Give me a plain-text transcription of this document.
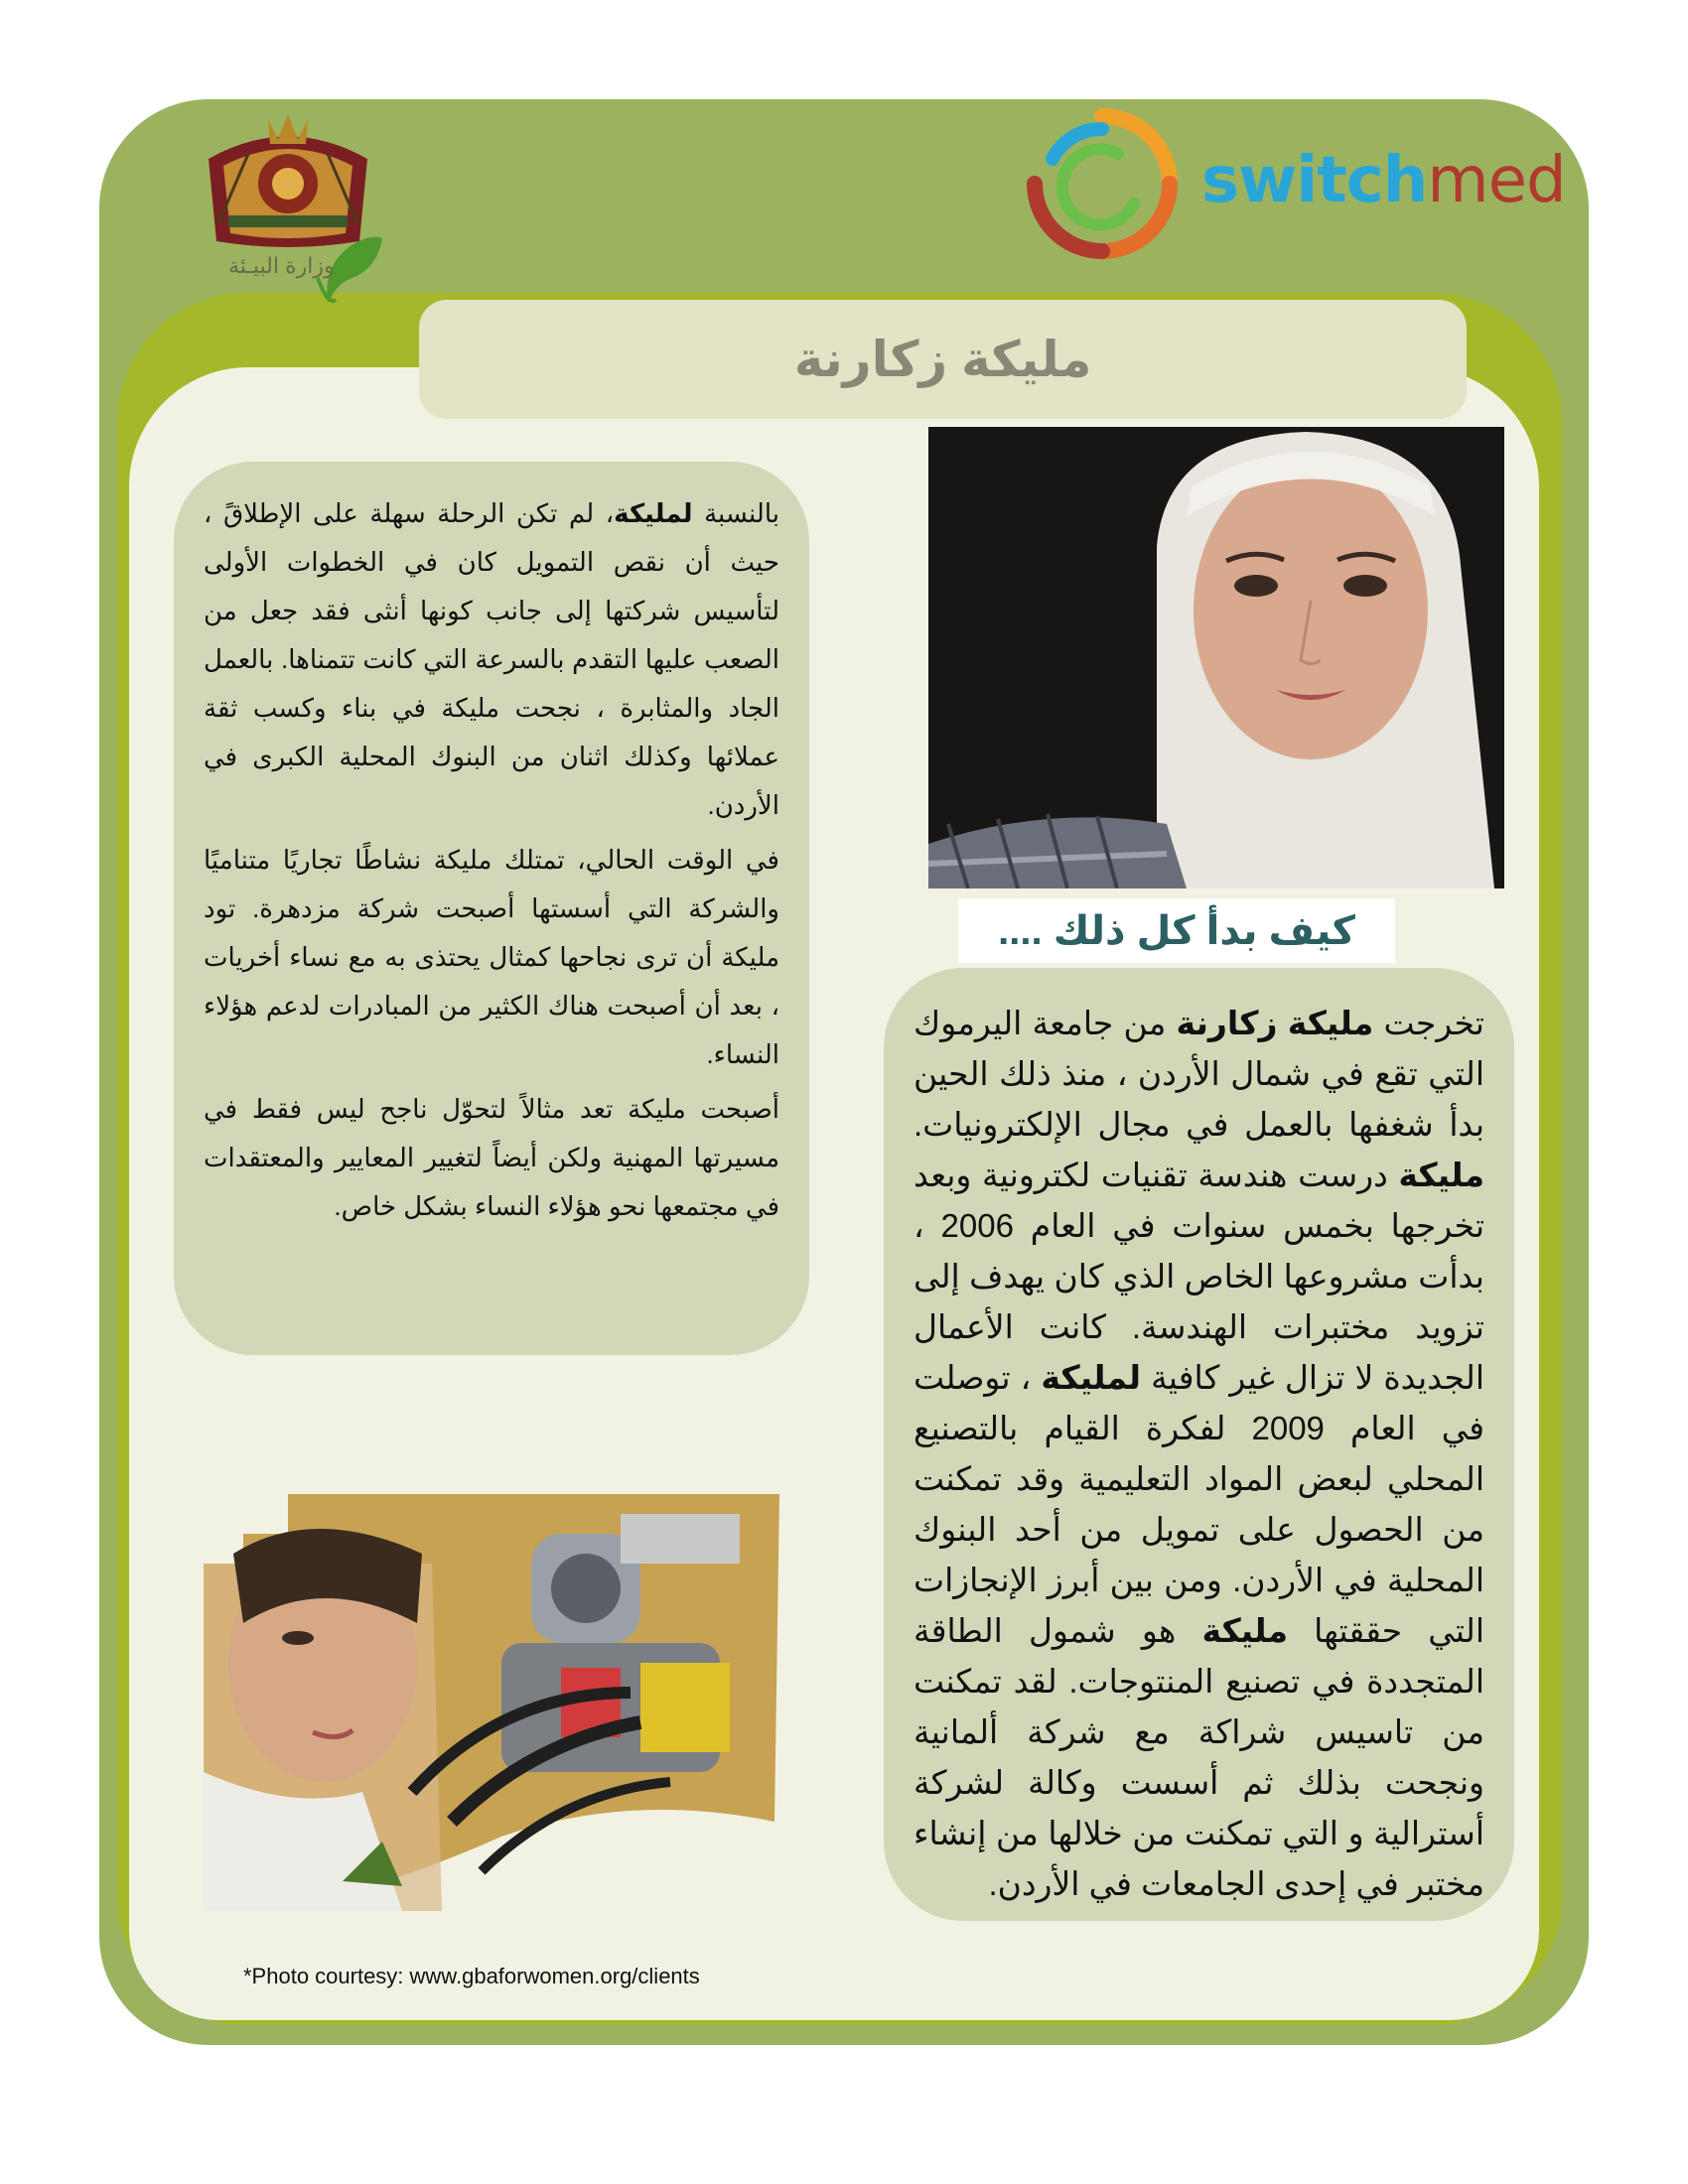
وزارة البيـئة
switchmed
مليكة زكارنة
كيف بدأ كل ذلك ....

تخرجت مليكة زكارنة من جامعة اليرموك التي تقع في شمال الأردن ، منذ ذلك الحين بدأ شغفها بالعمل في مجال الإلكترونيات. مليكة درست هندسة تقنيات لكترونية وبعد تخرجها بخمس سنوات في العام 2006 ، بدأت مشروعها الخاص الذي كان يهدف إلى تزويد مختبرات الهندسة. كانت الأعمال الجديدة لا تزال غير كافية لمليكة ، توصلت في العام 2009 لفكرة القيام بالتصنيع المحلي لبعض المواد التعليمية وقد تمكنت من الحصول على تمويل من أحد البنوك المحلية في الأردن. ومن بين أبرز الإنجازات التي حققتها مليكة هو شمول الطاقة المتجددة في تصنيع المنتوجات. لقد تمكنت من تاسيس شراكة مع شركة ألمانية ونجحت بذلك ثم أسست وكالة لشركة أسترالية و التي تمكنت من خلالها من إنشاء مختبر في إحدى الجامعات في الأردن.

بالنسبة لمليكة، لم تكن الرحلة سهلة على الإطلاقً ، حيث أن نقص التمويل كان في الخطوات الأولى لتأسيس شركتها إلى جانب كونها أنثى فقد جعل من الصعب عليها التقدم بالسرعة التي كانت تتمناها. بالعمل الجاد والمثابرة ، نجحت مليكة في بناء وكسب ثقة عملائها وكذلك اثنان من البنوك المحلية الكبرى في الأردن.

في الوقت الحالي، تمتلك مليكة نشاطًا تجاريًا متناميًا والشركة التي أسستها أصبحت شركة مزدهرة. تود مليكة أن ترى نجاحها كمثال يحتذى به مع نساء أخريات ، بعد أن أصبحت هناك الكثير من المبادرات لدعم هؤلاء النساء.

أصبحت مليكة تعد مثالاً لتحوّل ناجح ليس فقط في مسيرتها المهنية ولكن أيضاً لتغيير المعايير والمعتقدات في مجتمعها نحو هؤلاء النساء بشكل خاص.

*Photo courtesy: www.gbaforwomen.org/clients
